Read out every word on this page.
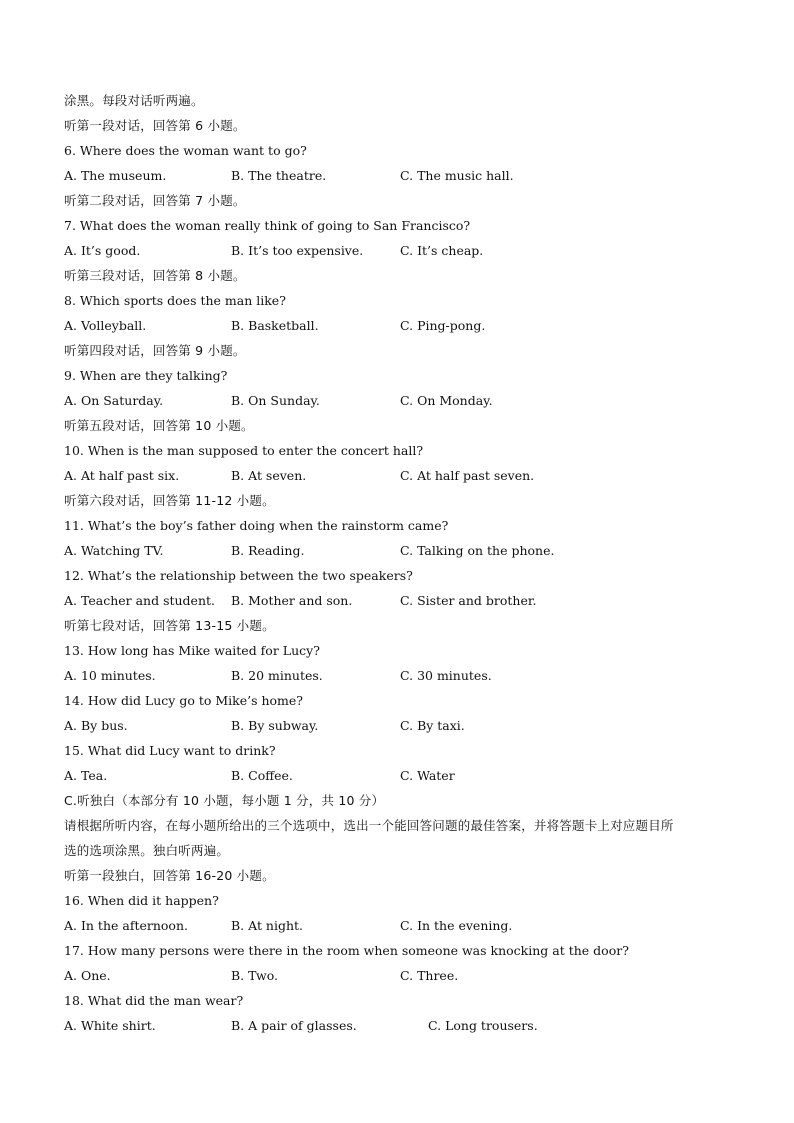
涂黑。每段对话听两遍。
听第一段对话，回答第 6 小题。
6. Where does the woman want to go?
A. The museum.	B. The theatre.	C. The music hall.
听第二段对话，回答第 7 小题。
7. What does the woman really think of going to San Francisco?
A. It’s good.	B. It’s too expensive.	C. It’s cheap.
听第三段对话，回答第 8 小题。
8. Which sports does the man like?
A. Volleyball.	B. Basketball.	C. Ping-pong.
听第四段对话，回答第 9 小题。
9. When are they talking?
A. On Saturday.	B. On Sunday.	C. On Monday.
听第五段对话，回答第 10 小题。
10. When is the man supposed to enter the concert hall?
A. At half past six.	B. At seven.	C. At half past seven.
听第六段对话，回答第 11-12 小题。
11. What’s the boy’s father doing when the rainstorm came?
A. Watching TV.	B. Reading.	C. Talking on the phone.
12. What’s the relationship between the two speakers?
A. Teacher and student. B. Mother and son.	C. Sister and brother.
听第七段对话，回答第 13-15 小题。
13. How long has Mike waited for Lucy?
A. 10 minutes.	B. 20 minutes.	C. 30 minutes.
14. How did Lucy go to Mike’s home?
A. By bus.	B. By subway.	C. By taxi.
15. What did Lucy want to drink?
A. Tea.	B. Coffee.	C. Water
C.听独白（本部分有 10 小题，每小题 1 分，共 10 分）
请根据所听内容，在每小题所给出的三个选项中，选出一个能回答问题的最佳答案，并将答题卡上对应题目所
选的选项涂黑。独白听两遍。
听第一段独白，回答第 16-20 小题。
16. When did it happen?
A. In the afternoon.	B. At night.	C. In the evening.
17. How many persons were there in the room when someone was knocking at the door?
A. One.	B. Two.	C. Three.
18. What did the man wear?
A. White shirt.	B. A pair of glasses.	C. Long trousers.
